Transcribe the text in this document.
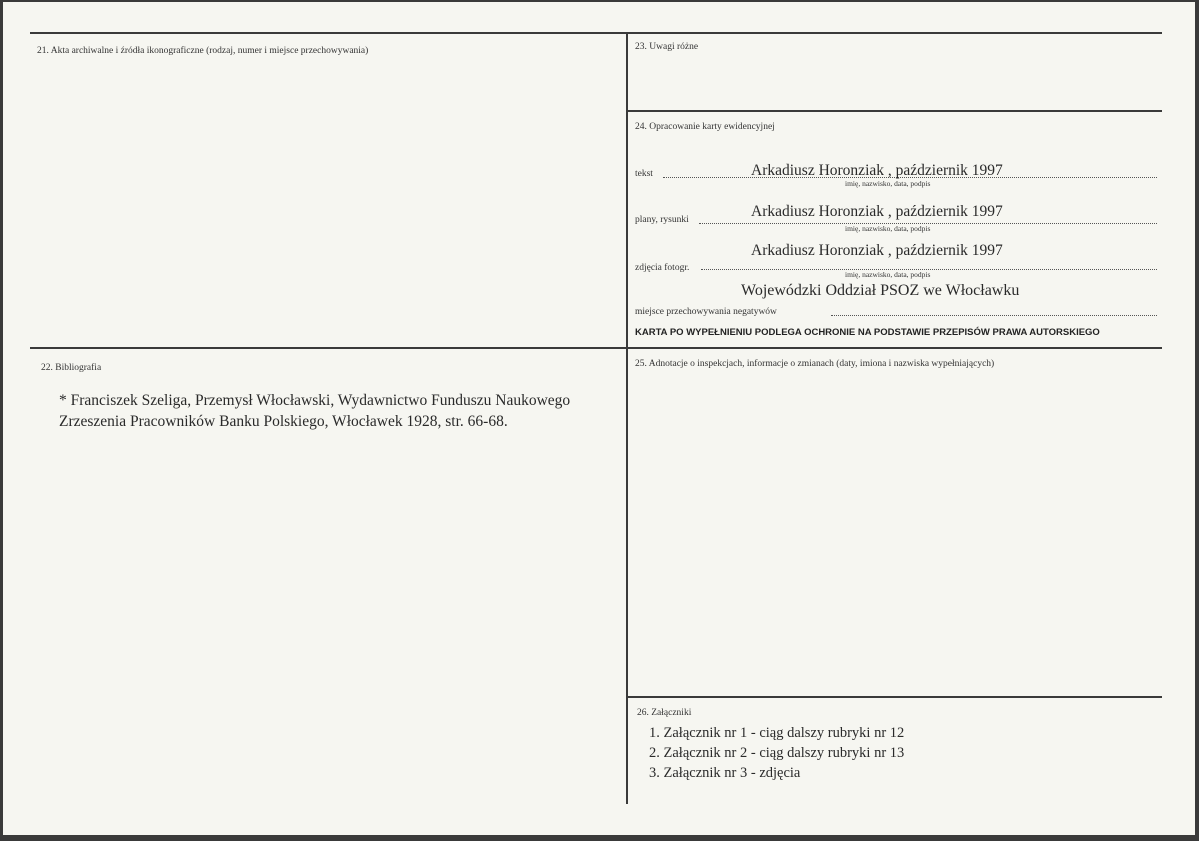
21. Akta archiwalne i źródła ikonograficzne (rodzaj, numer i miejsce przechowywania)	23. Uwagi różne
24. Opracowanie karty ewidencyjnej
tekst	Arkadiusz Horonziak , październik 1997
imię, nazwisko, data, podpis
plany, rysunki	Arkadiusz Horonziak , październik 1997
imię, nazwisko, data, podpis
zdjęcia fotogr.
Arkadiusz Horonziak , październik 1997
imię, nazwisko, data, podpis
miejsce przechowywania negatywów
Wojewódzki Oddział PSOZ we Włocławku
KARTA PO WYPEŁNIENIU PODLEGA OCHRONIE NA PODSTAWIE PRZEPISÓW PRAWA AUTORSKIEGO
22. Bibliografia
* Franciszek Szeliga, Przemysł Włocławski, Wydawnictwo Funduszu Naukowego Zrzeszenia Pracowników Banku Polskiego, Włocławek 1928, str. 66-68.
25. Adnotacje o inspekcjach, informacje o zmianach (daty, imiona i nazwiska wypełniających)
26. Załączniki
1. Załącznik nr 1 - ciąg dalszy rubryki nr 12
2. Załącznik nr 2 - ciąg dalszy rubryki nr 13
3. Załącznik nr 3 - zdjęcia
